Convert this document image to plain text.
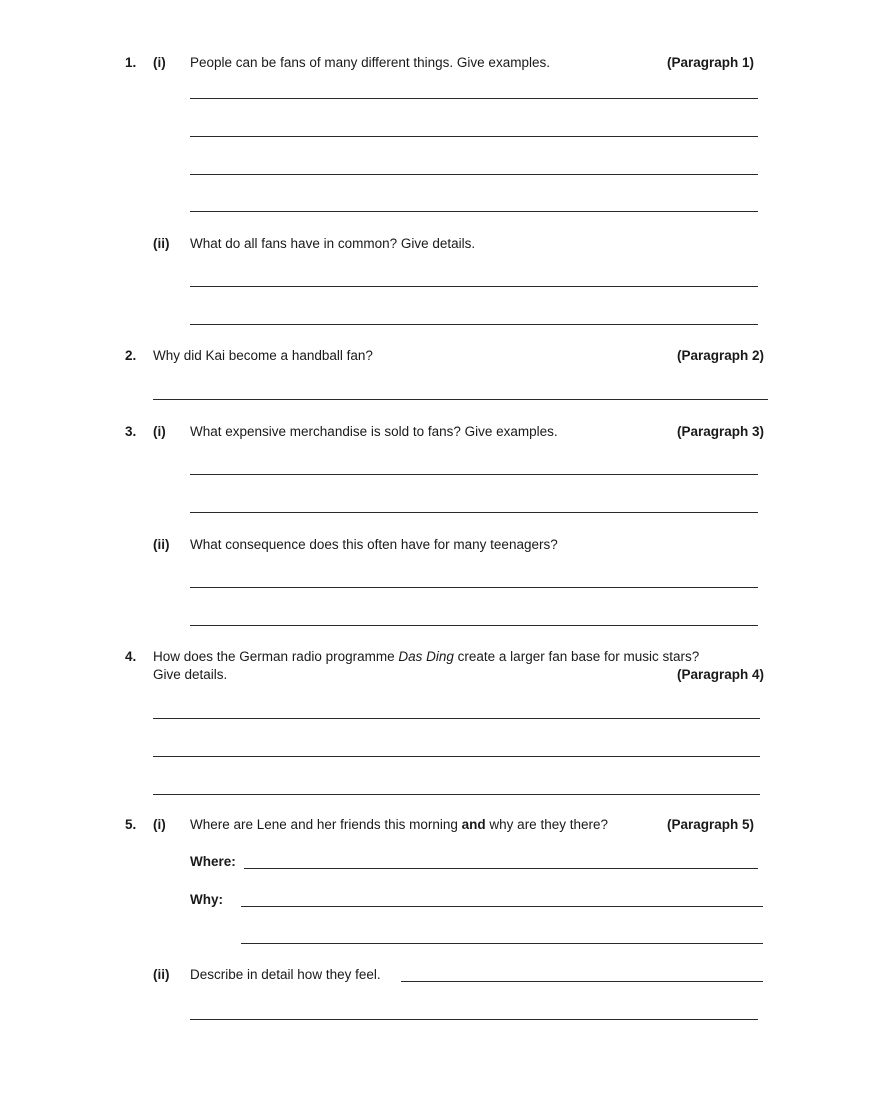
1. (i) People can be fans of many different things. Give examples.	(Paragraph 1)
(ii) What do all fans have in common? Give details.
2. Why did Kai become a handball fan?	(Paragraph 2)
3. (i) What expensive merchandise is sold to fans? Give examples.	(Paragraph 3)
(ii) What consequence does this often have for many teenagers?
4. How does the German radio programme Das Ding create a larger fan base for music stars?
Give details.	(Paragraph 4)
5. (i) Where are Lene and her friends this morning and why are they there?	(Paragraph 5)
Where:
Why:
(ii) Describe in detail how they feel.
